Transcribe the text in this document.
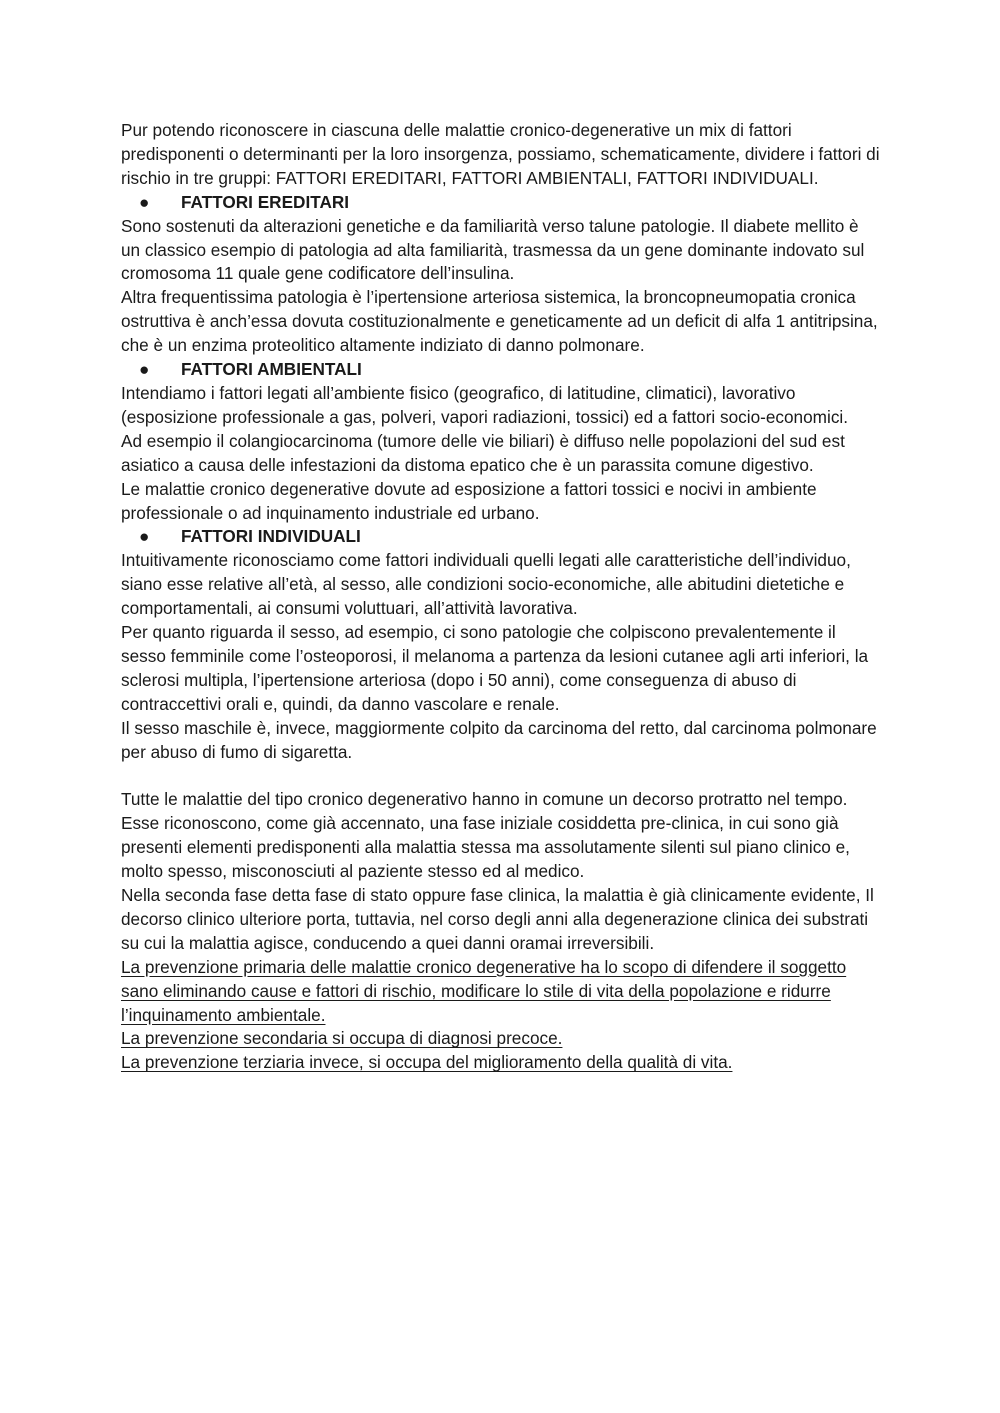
Pur potendo riconoscere in ciascuna delle malattie cronico-degenerative un mix di fattori predisponenti o determinanti per la loro insorgenza, possiamo, schematicamente, dividere i fattori di rischio in tre gruppi: FATTORI EREDITARI, FATTORI AMBIENTALI, FATTORI INDIVIDUALI.

●	FATTORI EREDITARI

Sono sostenuti da alterazioni genetiche e da familiarità verso talune patologie. Il diabete mellito è un classico esempio di patologia ad alta familiarità, trasmessa da un gene dominante indovato sul cromosoma 11 quale gene codificatore dell’insulina.

Altra frequentissima patologia è l’ipertensione arteriosa sistemica, la broncopneumopatia cronica ostruttiva è anch’essa dovuta costituzionalmente e geneticamente ad un deficit di alfa 1 antitripsina, che è un enzima proteolitico altamente indiziato di danno polmonare.

●	FATTORI AMBIENTALI

Intendiamo i fattori legati all’ambiente fisico (geografico, di latitudine, climatici), lavorativo (esposizione professionale a gas, polveri, vapori radiazioni, tossici) ed a fattori socio-economici.

Ad esempio il colangiocarcinoma (tumore delle vie biliari) è diffuso nelle popolazioni del sud est asiatico a causa delle infestazioni da distoma epatico che è un parassita comune digestivo.

Le malattie cronico degenerative dovute ad esposizione a fattori tossici e nocivi in ambiente professionale o ad inquinamento industriale ed urbano.

●	FATTORI INDIVIDUALI

Intuitivamente riconosciamo come fattori individuali quelli legati alle caratteristiche dell’individuo, siano esse relative all’età, al sesso, alle condizioni socio-economiche, alle abitudini dietetiche e comportamentali, ai consumi voluttuari, all’attività lavorativa.

Per quanto riguarda il sesso, ad esempio, ci sono patologie che colpiscono prevalentemente il sesso femminile come l’osteoporosi, il melanoma a partenza da lesioni cutanee agli arti inferiori, la sclerosi multipla, l’ipertensione arteriosa (dopo i 50 anni), come conseguenza di abuso di contraccettivi orali e, quindi, da danno vascolare e renale.

Il sesso maschile è, invece, maggiormente colpito da carcinoma del retto, dal carcinoma polmonare per abuso di fumo di sigaretta.

Tutte le malattie del tipo cronico degenerativo hanno in comune un decorso protratto nel tempo.

Esse riconoscono, come già accennato, una fase iniziale cosiddetta pre-clinica, in cui sono già presenti elementi predisponenti alla malattia stessa ma assolutamente silenti sul piano clinico e, molto spesso, misconosciuti al paziente stesso ed al medico.

Nella seconda fase detta fase di stato oppure fase clinica, la malattia è già clinicamente evidente, Il decorso clinico ulteriore porta, tuttavia, nel corso degli anni alla degenerazione clinica dei substrati su cui la malattia agisce, conducendo a quei danni oramai irreversibili.

La prevenzione primaria delle malattie cronico degenerative ha lo scopo di difendere il soggetto sano eliminando cause e fattori di rischio, modificare lo stile di vita della popolazione e ridurre l’inquinamento ambientale.

La prevenzione secondaria si occupa di diagnosi precoce.

La prevenzione terziaria invece, si occupa del miglioramento della qualità di vita.
